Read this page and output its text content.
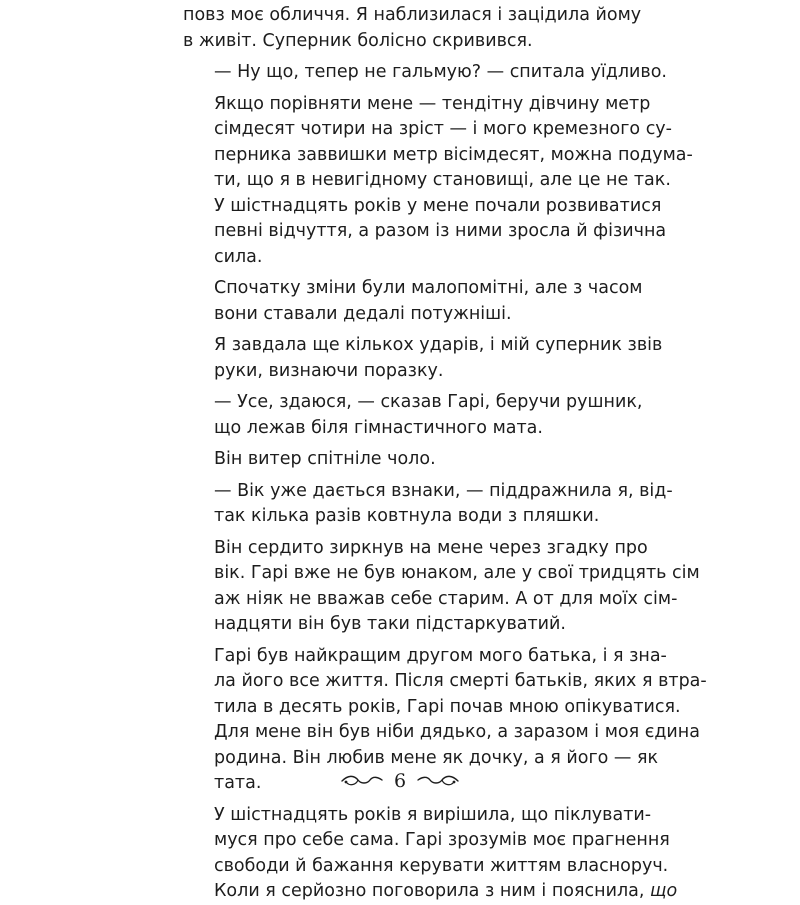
повз моє обличчя. Я наблизилася і зацідила йому
в живіт. Суперник болісно скривився.

— Ну що, тепер не гальмую? — спитала уїдливо.

Якщо порівняти мене — тендітну дівчину метр
сімдесят чотири на зріст — і мого кремезного су-
перника заввишки метр вісімдесят, можна подума-
ти, що я в невигідному становищі, але це не так.
У шістнадцять років у мене почали розвиватися
певні відчуття, а разом із ними зросла й фізична
сила.

Спочатку зміни були малопомітні, але з часом
вони ставали дедалі потужніші.

Я завдала ще кількох ударів, і мій суперник звів
руки, визнаючи поразку.

— Усе, здаюся, — сказав Гарі, беручи рушник,
що лежав біля гімнастичного мата.

Він витер спітніле чоло.

— Вік уже дається взнаки, — піддражнила я, від-
так кілька разів ковтнула води з пляшки.

Він сердито зиркнув на мене через згадку про
вік. Гарі вже не був юнаком, але у свої тридцять сім
аж ніяк не вважав себе старим. А от для моїх сім-
надцяти він був таки підстаркуватий.

Гарі був найкращим другом мого батька, і я зна-
ла його все життя. Після смерті батьків, яких я втра-
тила в десять років, Гарі почав мною опікуватися.
Для мене він був ніби дядько, а заразом і моя єдина
родина. Він любив мене як дочку, а я його — як
тата.

У шістнадцять років я вирішила, що піклувати-
муся про себе сама. Гарі зрозумів моє прагнення
свободи й бажання керувати життям власноруч.
Коли я серйозно поговорила з ним і пояснила, що

6
